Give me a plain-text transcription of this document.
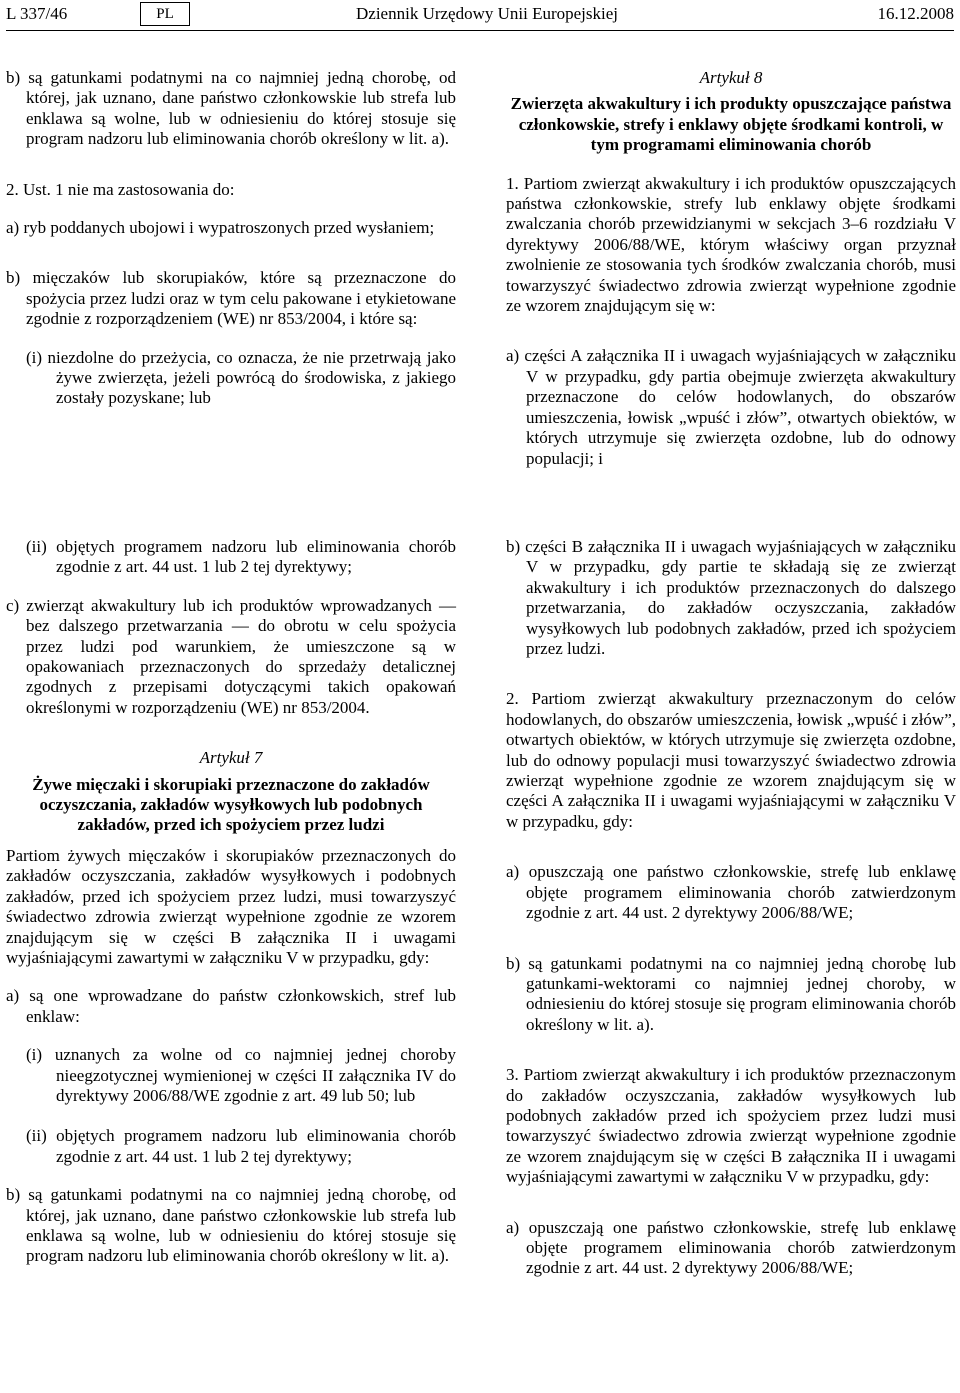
L 337/46	PL	Dziennik Urzędowy Unii Europejskiej	16.12.2008

b) są gatunkami podatnymi na co najmniej jedną chorobę, od której, jak uznano, dane państwo członkowskie lub strefa lub enklawa są wolne, lub w odniesieniu do której stosuje się program nadzoru lub eliminowania chorób określony w lit. a).

2. Ust. 1 nie ma zastosowania do:

a) ryb poddanych ubojowi i wypatroszonych przed wysłaniem;

b) mięczaków lub skorupiaków, które są przeznaczone do spożycia przez ludzi oraz w tym celu pakowane i etykietowane zgodnie z rozporządzeniem (WE) nr 853/2004, i które są:

(i) niezdolne do przeżycia, co oznacza, że nie przetrwają jako żywe zwierzęta, jeżeli powrócą do środowiska, z jakiego zostały pozyskane; lub

Artykuł 8

Zwierzęta akwakultury i ich produkty opuszczające państwa członkowskie, strefy i enklawy objęte środkami kontroli, w tym programami eliminowania chorób

1. Partiom zwierząt akwakultury i ich produktów opuszczających państwa członkowskie, strefy lub enklawy objęte środkami zwalczania chorób przewidzianymi w sekcjach 3–6 rozdziału V dyrektywy 2006/88/WE, którym właściwy organ przyznał zwolnienie ze stosowania tych środków zwalczania chorób, musi towarzyszyć świadectwo zdrowia zwierząt wypełnione zgodnie ze wzorem znajdującym się w:

a) części A załącznika II i uwagach wyjaśniających w załączniku V w przypadku, gdy partia obejmuje zwierzęta akwakultury przeznaczone do celów hodowlanych, do obszarów umieszczenia, łowisk „wpuść i złów”, otwartych obiektów, w których utrzymuje się zwierzęta ozdobne, lub do odnowy populacji; i

(ii) objętych programem nadzoru lub eliminowania chorób zgodnie z art. 44 ust. 1 lub 2 tej dyrektywy;

c) zwierząt akwakultury lub ich produktów wprowadzanych — bez dalszego przetwarzania — do obrotu w celu spożycia przez ludzi pod warunkiem, że umieszczone są w opakowaniach przeznaczonych do sprzedaży detalicznej zgodnych z przepisami dotyczącymi takich opakowań określonymi w rozporządzeniu (WE) nr 853/2004.

Artykuł 7

Żywe mięczaki i skorupiaki przeznaczone do zakładów oczyszczania, zakładów wysyłkowych lub podobnych zakładów, przed ich spożyciem przez ludzi

Partiom żywych mięczaków i skorupiaków przeznaczonych do zakładów oczyszczania, zakładów wysyłkowych i podobnych zakładów, przed ich spożyciem przez ludzi, musi towarzyszyć świadectwo zdrowia zwierząt wypełnione zgodnie ze wzorem znajdującym się w części B załącznika II i uwagami wyjaśniającymi zawartymi w załączniku V w przypadku, gdy:

a) są one wprowadzane do państw członkowskich, stref lub enklaw:

(i) uznanych za wolne od co najmniej jednej choroby nieegzotycznej wymienionej w części II załącznika IV do dyrektywy 2006/88/WE zgodnie z art. 49 lub 50; lub

(ii) objętych programem nadzoru lub eliminowania chorób zgodnie z art. 44 ust. 1 lub 2 tej dyrektywy;

b) są gatunkami podatnymi na co najmniej jedną chorobę, od której, jak uznano, dane państwo członkowskie lub strefa lub enklawa są wolne, lub w odniesieniu do której stosuje się program nadzoru lub eliminowania chorób określony w lit. a).

b) części B załącznika II i uwagach wyjaśniających w załączniku V w przypadku, gdy partie te składają się ze zwierząt akwakultury i ich produktów przeznaczonych do dalszego przetwarzania, do zakładów oczyszczania, zakładów wysyłkowych lub podobnych zakładów, przed ich spożyciem przez ludzi.

2. Partiom zwierząt akwakultury przeznaczonym do celów hodowlanych, do obszarów umieszczenia, łowisk „wpuść i złów”, otwartych obiektów, w których utrzymuje się zwierzęta ozdobne, lub do odnowy populacji musi towarzyszyć świadectwo zdrowia zwierząt wypełnione zgodnie ze wzorem znajdującym się w części A załącznika II i uwagami wyjaśniającymi w załączniku V w przypadku, gdy:

a) opuszczają one państwo członkowskie, strefę lub enklawę objęte programem eliminowania chorób zatwierdzonym zgodnie z art. 44 ust. 2 dyrektywy 2006/88/WE;

b) są gatunkami podatnymi na co najmniej jedną chorobę lub gatunkami-wektorami co najmniej jednej choroby, w odniesieniu do której stosuje się program eliminowania chorób określony w lit. a).

3. Partiom zwierząt akwakultury i ich produktów przeznaczonym do zakładów oczyszczania, zakładów wysyłkowych lub podobnych zakładów przed ich spożyciem przez ludzi musi towarzyszyć świadectwo zdrowia zwierząt wypełnione zgodnie ze wzorem znajdującym się w części B załącznika II i uwagami wyjaśniającymi zawartymi w załączniku V w przypadku, gdy:

a) opuszczają one państwo członkowskie, strefę lub enklawę objęte programem eliminowania chorób zatwierdzonym zgodnie z art. 44 ust. 2 dyrektywy 2006/88/WE;
